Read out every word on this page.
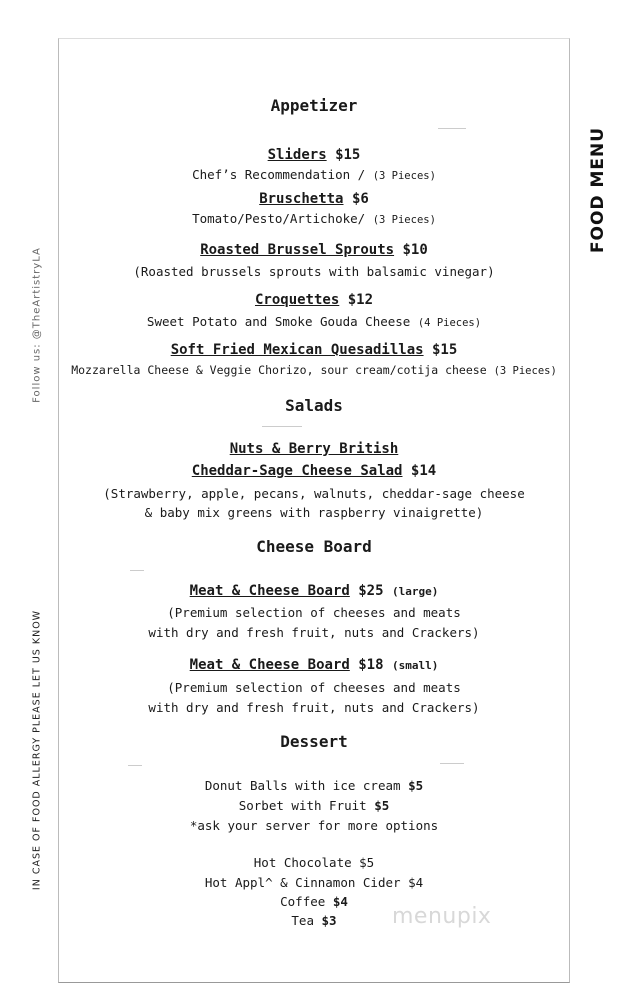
FOOD MENU
Follow us: @TheArtistryLA
IN CASE OF FOOD ALLERGY PLEASE LET US KNOW
Appetizer
Sliders $15
Chef’s Recommendation / (3 Pieces)
Bruschetta $6
Tomato/Pesto/Artichoke/ (3 Pieces)
Roasted Brussel Sprouts $10
(Roasted brussels sprouts with balsamic vinegar)
Croquettes $12
Sweet Potato and Smoke Gouda Cheese (4 Pieces)
Soft Fried Mexican Quesadillas $15
Mozzarella Cheese & Veggie Chorizo, sour cream/cotija cheese (3 Pieces)
Salads
Nuts & Berry British
Cheddar-Sage Cheese Salad $14
(Strawberry, apple, pecans, walnuts, cheddar-sage cheese
& baby mix greens with raspberry vinaigrette)
Cheese Board
Meat & Cheese Board $25 (large)
(Premium selection of cheeses and meats
with dry and fresh fruit, nuts and Crackers)
Meat & Cheese Board $18 (small)
(Premium selection of cheeses and meats
with dry and fresh fruit, nuts and Crackers)
Dessert
Donut Balls with ice cream $5
Sorbet with Fruit $5
*ask your server for more options
Hot Chocolate $5
Hot Appl^ & Cinnamon Cider $4
Coffee $4
Tea $3	menupix
